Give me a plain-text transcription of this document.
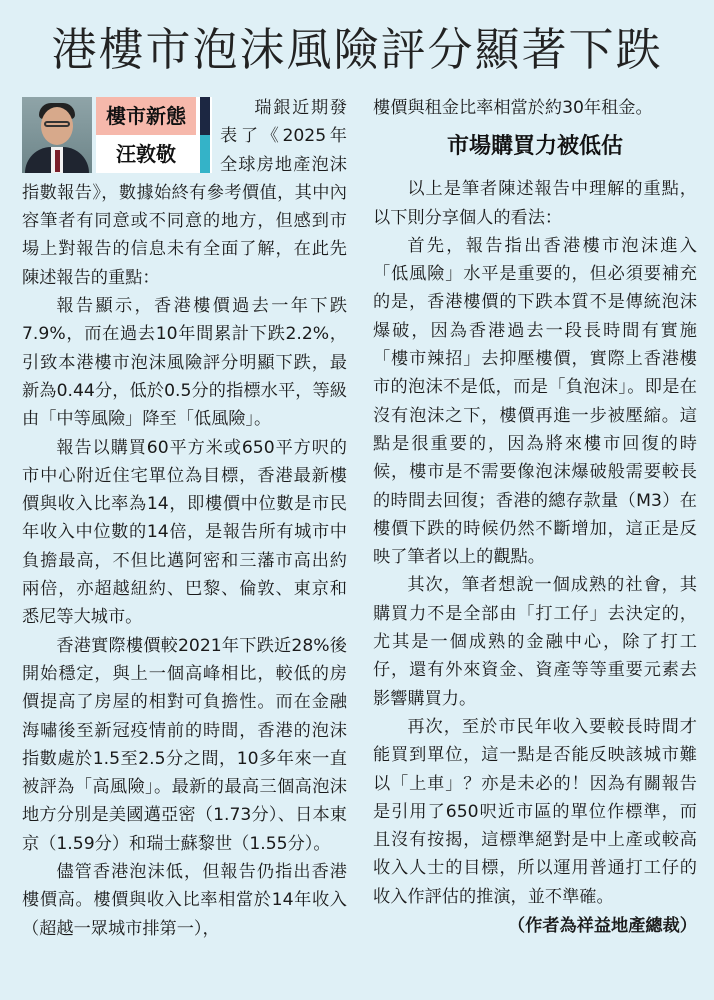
港樓市泡沫風險評分顯著下跌
樓市新態
汪敦敬

瑞銀近期發表了《2025年全球房地產泡沫指數報告》，數據始終有參考價值，其中內容筆者有同意或不同意的地方，但感到市場上對報告的信息未有全面了解，在此先陳述報告的重點：

報告顯示，香港樓價過去一年下跌7.9%，而在過去10年間累計下跌2.2%，引致本港樓市泡沫風險評分明顯下跌，最新為0.44分，低於0.5分的指標水平，等級由「中等風險」降至「低風險」。

報告以購買60平方米或650平方呎的市中心附近住宅單位為目標，香港最新樓價與收入比率為14，即樓價中位數是市民年收入中位數的14倍，是報告所有城市中負擔最高，不但比邁阿密和三藩市高出約兩倍，亦超越紐約、巴黎、倫敦、東京和悉尼等大城市。

香港實際樓價較2021年下跌近28%後開始穩定，與上一個高峰相比，較低的房價提高了房屋的相對可負擔性。而在金融海嘯後至新冠疫情前的時間，香港的泡沫指數處於1.5至2.5分之間，10多年來一直被評為「高風險」。最新的最高三個高泡沫地方分別是美國邁亞密（1.73分）、日本東京（1.59分）和瑞士蘇黎世（1.55分）。

儘管香港泡沫低，但報告仍指出香港樓價高。樓價與收入比率相當於14年收入（超越一眾城市排第一），

樓價與租金比率相當於約30年租金。

市場購買力被低估

以上是筆者陳述報告中理解的重點，以下則分享個人的看法：

首先，報告指出香港樓市泡沫進入「低風險」水平是重要的，但必須要補充的是，香港樓價的下跌本質不是傳統泡沫爆破，因為香港過去一段長時間有實施「樓市辣招」去抑壓樓價，實際上香港樓市的泡沫不是低，而是「負泡沫」。即是在沒有泡沫之下，樓價再進一步被壓縮。這點是很重要的，因為將來樓市回復的時候，樓市是不需要像泡沫爆破般需要較長的時間去回復；香港的總存款量（M3）在樓價下跌的時候仍然不斷增加，這正是反映了筆者以上的觀點。

其次，筆者想說一個成熟的社會，其購買力不是全部由「打工仔」去決定的，尤其是一個成熟的金融中心，除了打工仔，還有外來資金、資產等等重要元素去影響購買力。

再次，至於市民年收入要較長時間才能買到單位，這一點是否能反映該城市難以「上車」？亦是未必的！因為有關報告是引用了650呎近市區的單位作標準，而且沒有按揭，這標準絕對是中上產或較高收入人士的目標，所以運用普通打工仔的收入作評估的推演，並不準確。

（作者為祥益地產總裁）
